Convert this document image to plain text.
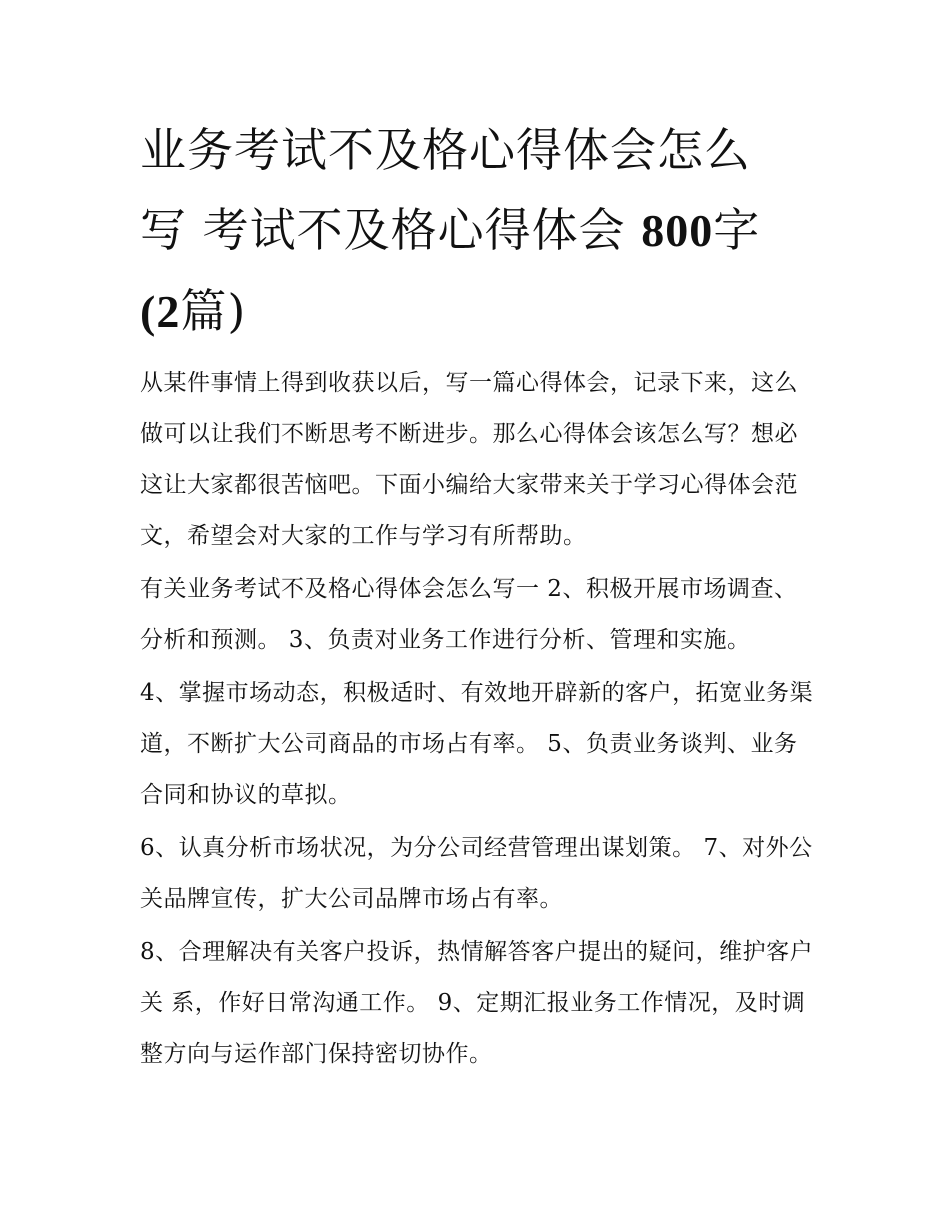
业务考试不及格心得体会怎么
写 考试不及格心得体会 800字
(2篇)

从某件事情上得到收获以后，写一篇心得体会，记录下来，这么做可以让我们不断思考不断进步。那么心得体会该怎么写？想必这让大家都很苦恼吧。下面小编给大家带来关于学习心得体会范文，希望会对大家的工作与学习有所帮助。

有关业务考试不及格心得体会怎么写一 2、积极开展市场调查、分析和预测。 3、负责对业务工作进行分析、管理和实施。

4、掌握市场动态，积极适时、有效地开辟新的客户，拓宽业务渠道，不断扩大公司商品的市场占有率。 5、负责业务谈判、业务合同和协议的草拟。

6、认真分析市场状况，为分公司经营管理出谋划策。 7、对外公关品牌宣传，扩大公司品牌市场占有率。

8、合理解决有关客户投诉，热情解答客户提出的疑问，维护客户关 系，作好日常沟通工作。 9、定期汇报业务工作情况，及时调整方向与运作部门保持密切协作。
